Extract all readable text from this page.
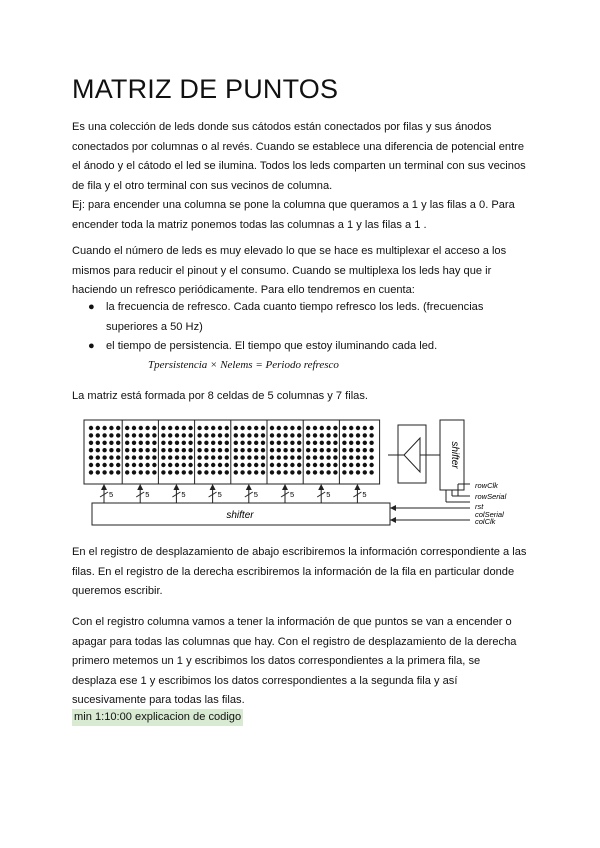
MATRIZ DE PUNTOS

Es una colección de leds donde sus cátodos están conectados por filas y sus ánodos
conectados por columnas o al revés. Cuando se establece una diferencia de potencial entre
el ánodo y el cátodo el led se ilumina. Todos los leds comparten un terminal con sus vecinos
de fila y el otro terminal con sus vecinos de columna.
Ej: para encender una columna se pone la columna que queramos a 1 y las filas a 0. Para
encender toda la matriz ponemos todas las columnas a 1 y las filas a 1 .

Cuando el número de leds es muy elevado lo que se hace es multiplexar el acceso a los
mismos para reducir el pinout y el consumo. Cuando se multiplexa los leds hay que ir
haciendo un refresco periódicamente. Para ello tendremos en cuenta:

● la frecuencia de refresco. Cada cuanto tiempo refresco los leds. (frecuencias
superiores a 50 Hz)
● el tiempo de persistencia. El tiempo que estoy iluminando cada led.
Tpersistencia × Nelems = Periodo refresco
La matriz está formada por 8 celdas de 5 columnas y 7 filas.
5	5	5	5	5	5	5	5
shifter
shifter
rowClk
rowSerial
rst
colSerial
colClk

En el registro de desplazamiento de abajo escribiremos la información correspondiente a las
filas. En el registro de la derecha escribiremos la información de la fila en particular donde
queremos escribir.

Con el registro columna vamos a tener la información de que puntos se van a encender o
apagar para todas las columnas que hay. Con el registro de desplazamiento de la derecha
primero metemos un 1 y escribimos los datos correspondientes a la primera fila, se
desplaza ese 1 y escribimos los datos correspondientes a la segunda fila y así
sucesivamente para todas las filas.

min 1:10:00 explicacion de codigo
